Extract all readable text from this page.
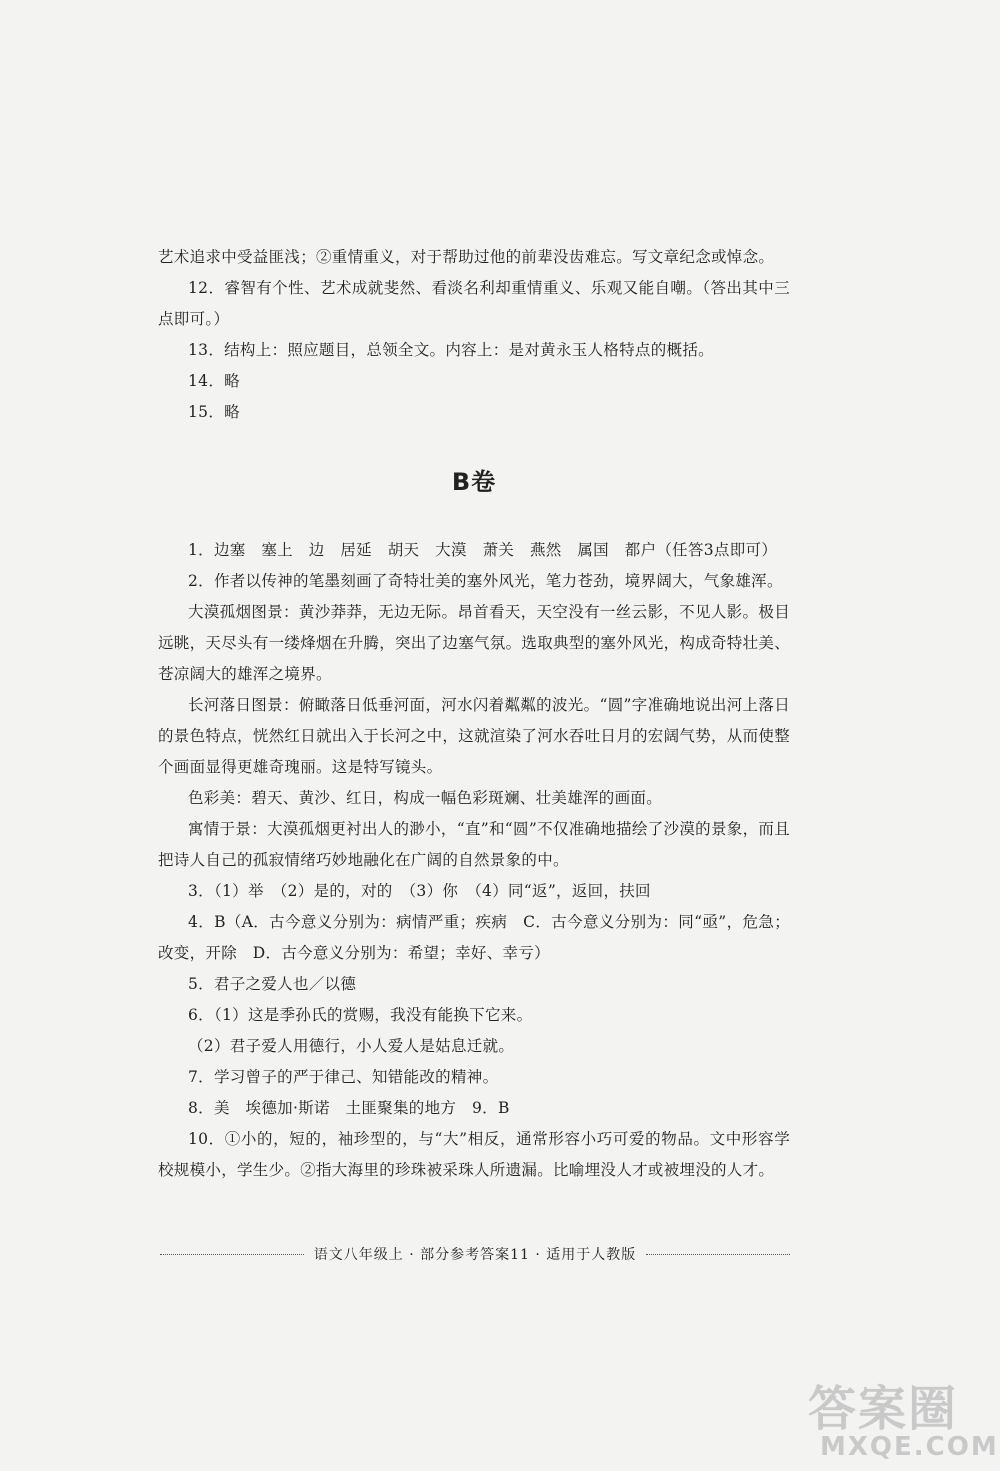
艺术追求中受益匪浅；②重情重义，对于帮助过他的前辈没齿难忘。写文章纪念或悼念。

12．睿智有个性、艺术成就斐然、看淡名利却重情重义、乐观又能自嘲。（答出其中三点即可。）

13．结构上：照应题目，总领全文。内容上：是对黄永玉人格特点的概括。

14．略

15．略

B卷

1．边塞　塞上　边　居延　胡天　大漠　萧关　燕然　属国　都户（任答3点即可）

2．作者以传神的笔墨刻画了奇特壮美的塞外风光，笔力苍劲，境界阔大，气象雄浑。

大漠孤烟图景：黄沙莽莽，无边无际。昂首看天，天空没有一丝云影，不见人影。极目远眺，天尽头有一缕烽烟在升腾，突出了边塞气氛。选取典型的塞外风光，构成奇特壮美、苍凉阔大的雄浑之境界。

长河落日图景：俯瞰落日低垂河面，河水闪着粼粼的波光。“圆”字准确地说出河上落日的景色特点，恍然红日就出入于长河之中，这就渲染了河水吞吐日月的宏阔气势，从而使整个画面显得更雄奇瑰丽。这是特写镜头。

色彩美：碧天、黄沙、红日，构成一幅色彩斑斓、壮美雄浑的画面。

寓情于景：大漠孤烟更衬出人的渺小，“直”和“圆”不仅准确地描绘了沙漠的景象，而且把诗人自己的孤寂情绪巧妙地融化在广阔的自然景象的中。

3．（1）举　（2）是的，对的　（3）你　（4）同“返”，返回，扶回

4．B（A．古今意义分别为：病情严重；疾病　C．古今意义分别为：同“亟”，危急；改变，开除　D．古今意义分别为：希望；幸好、幸亏）

5．君子之爱人也／以德

6．（1）这是季孙氏的赏赐，我没有能换下它来。

（2）君子爱人用德行，小人爱人是姑息迁就。

7．学习曾子的严于律己、知错能改的精神。

8．美　埃德加·斯诺　土匪聚集的地方　9．B

10．①小的，短的，袖珍型的，与“大”相反，通常形容小巧可爱的物品。文中形容学校规模小，学生少。②指大海里的珍珠被采珠人所遗漏。比喻埋没人才或被埋没的人才。

语文八年级上 · 部分参考答案11 · 适用于人教版
答案圈
MXQE.COM
